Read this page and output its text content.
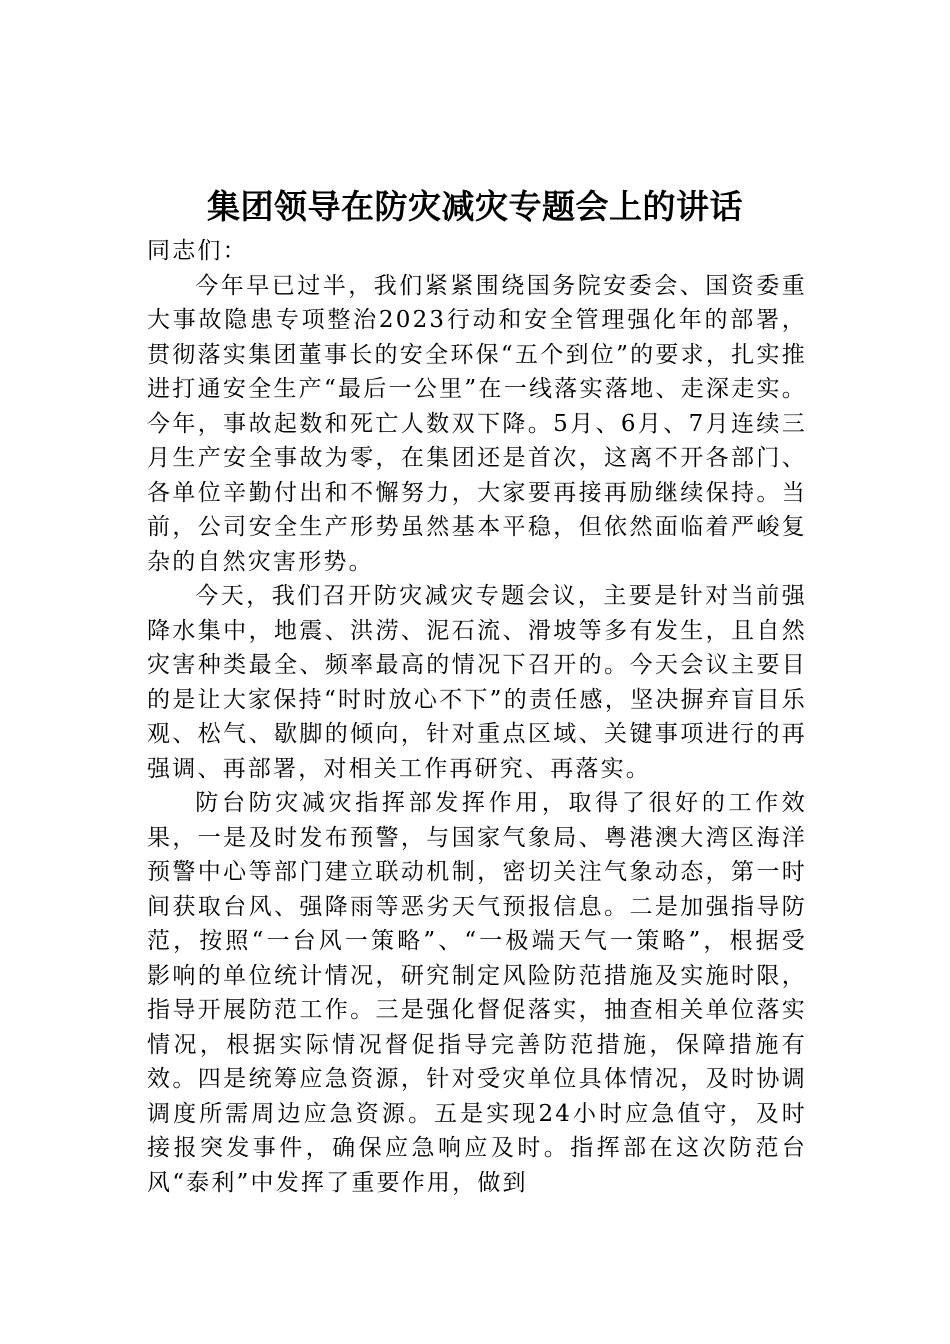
集团领导在防灾减灾专题会上的讲话

同志们：

今年早已过半，我们紧紧围绕国务院安委会、国资委重大事故隐患专项整治2023行动和安全管理强化年的部署，贯彻落实集团董事长的安全环保“五个到位”的要求，扎实推进打通安全生产“最后一公里”在一线落实落地、走深走实。今年，事故起数和死亡人数双下降。5月、6月、7月连续三月生产安全事故为零，在集团还是首次，这离不开各部门、各单位辛勤付出和不懈努力，大家要再接再励继续保持。当前，公司安全生产形势虽然基本平稳，但依然面临着严峻复杂的自然灾害形势。

今天，我们召开防灾减灾专题会议，主要是针对当前强降水集中，地震、洪涝、泥石流、滑坡等多有发生，且自然灾害种类最全、频率最高的情况下召开的。今天会议主要目的是让大家保持“时时放心不下”的责任感，坚决摒弃盲目乐观、松气、歇脚的倾向，针对重点区域、关键事项进行的再强调、再部署，对相关工作再研究、再落实。

防台防灾减灾指挥部发挥作用，取得了很好的工作效果，一是及时发布预警，与国家气象局、粤港澳大湾区海洋预警中心等部门建立联动机制，密切关注气象动态，第一时间获取台风、强降雨等恶劣天气预报信息。二是加强指导防范，按照“一台风一策略”、“一极端天气一策略”，根据受影响的单位统计情况，研究制定风险防范措施及实施时限，指导开展防范工作。三是强化督促落实，抽查相关单位落实情况，根据实际情况督促指导完善防范措施，保障措施有效。四是统筹应急资源，针对受灾单位具体情况，及时协调调度所需周边应急资源。五是实现24小时应急值守，及时接报突发事件，确保应急响应及时。指挥部在这次防范台风“泰利”中发挥了重要作用，做到
